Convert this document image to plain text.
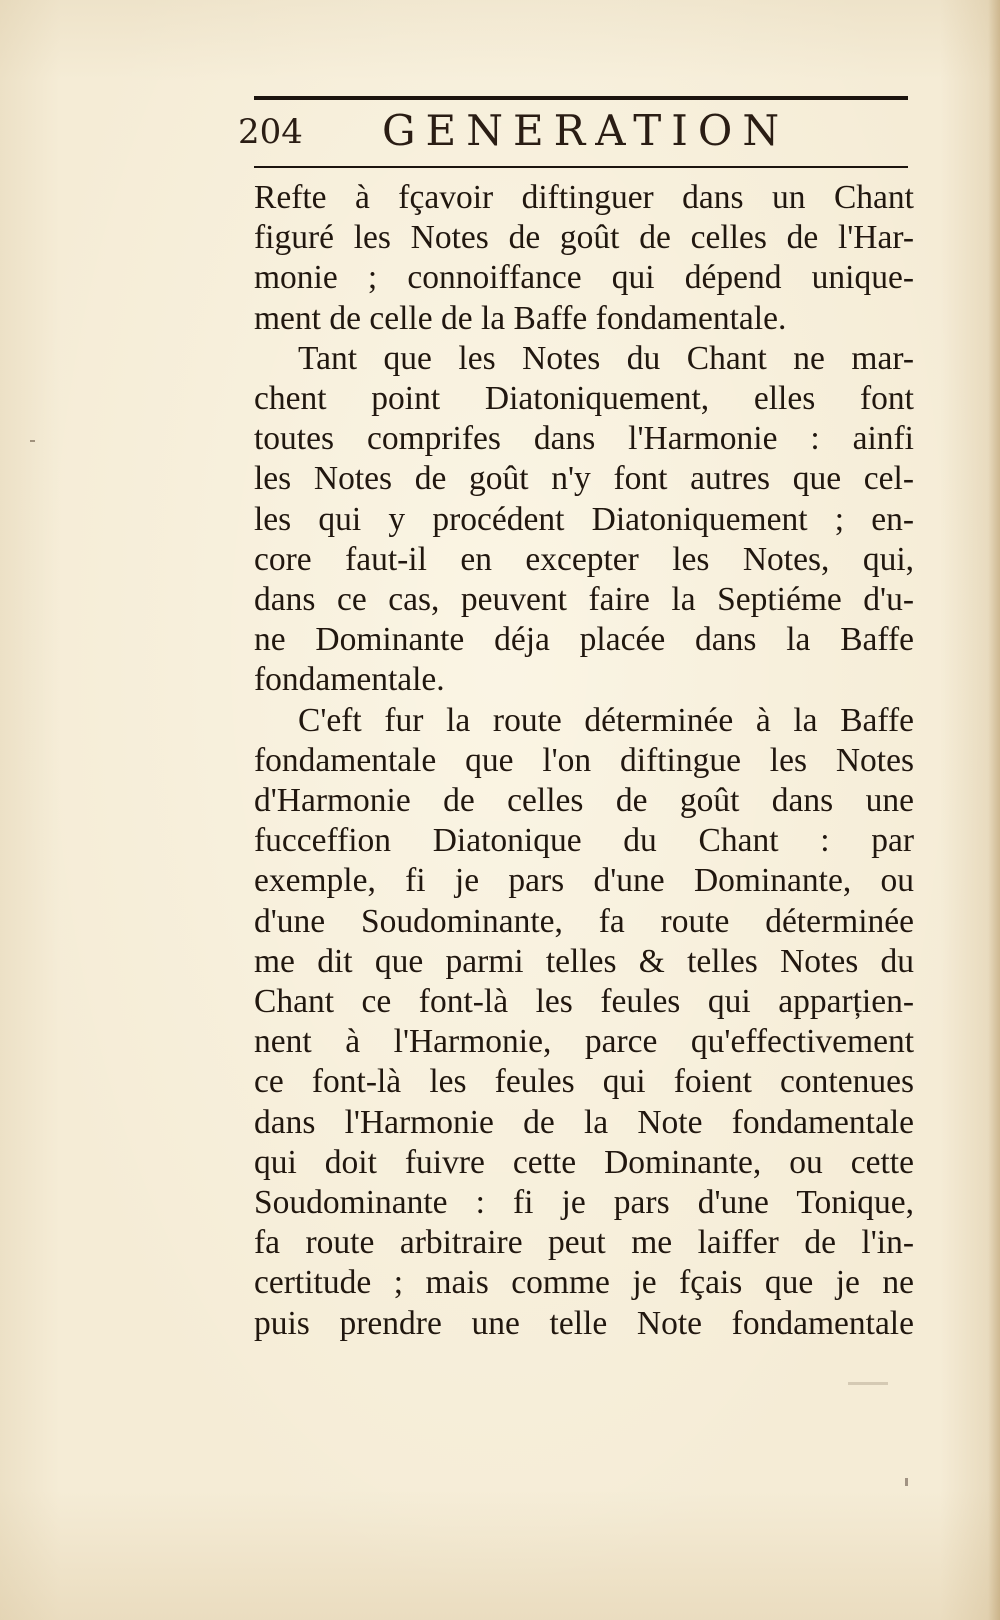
204 GENERATION

Refte à fçavoir diftinguer dans un Chant
figuré les Notes de goût de celles de l'Har-
monie ; connoiffance qui dépend unique-
ment de celle de la Baffe fondamentale.

Tant que les Notes du Chant ne mar-
chent point Diatoniquement, elles font
toutes comprifes dans l'Harmonie : ainfi
les Notes de goût n'y font autres que cel-
les qui y procédent Diatoniquement ; en-
core faut-il en excepter les Notes, qui,
dans ce cas, peuvent faire la Septiéme d'u-
ne Dominante déja placée dans la Baffe
fondamentale.

C'eft fur la route déterminée à la Baffe
fondamentale que l'on diftingue les Notes
d'Harmonie de celles de goût dans une
fucceffion Diatonique du Chant : par
exemple, fi je pars d'une Dominante, ou
d'une Soudominante, fa route déterminée
me dit que parmi telles & telles Notes du
Chant ce font-là les feules qui apparțien-
nent à l'Harmonie, parce qu'effectivement
ce font-là les feules qui foient contenues
dans l'Harmonie de la Note fondamentale
qui doit fuivre cette Dominante, ou cette
Soudominante : fi je pars d'une Tonique,
fa route arbitraire peut me laiffer de l'in-
certitude ; mais comme je fçais que je ne
puis prendre une telle Note fondamentale
